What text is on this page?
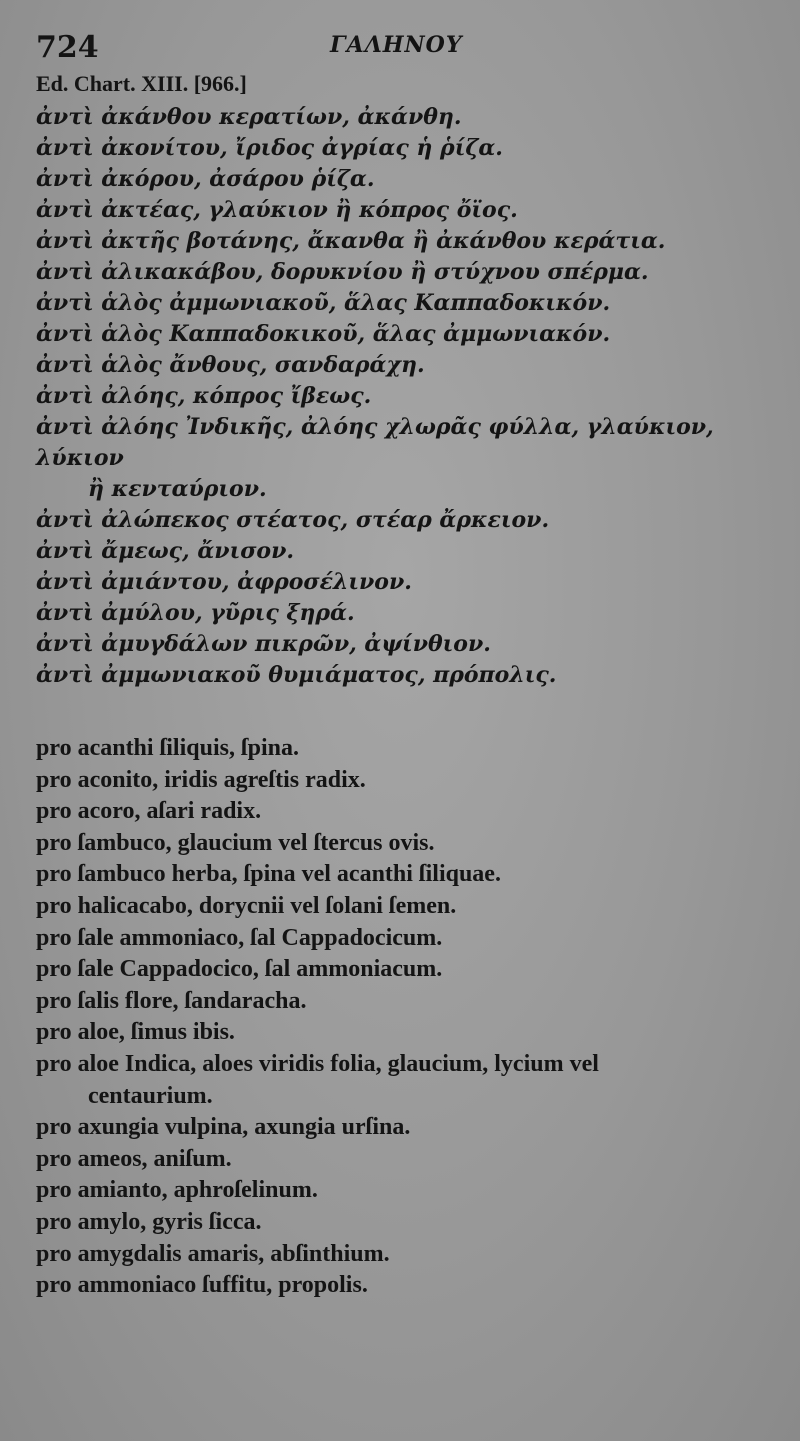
724	ΓΑΛΗΝΟΥ
Ed. Chart. XIII. [966.]
ἀντὶ ἀκάνθου κερατίων, ἀκάνθη.
ἀντὶ ἀκονίτου, ἴριδος ἀγρίας ἡ ῥίζα.
ἀντὶ ἀκόρου, ἀσάρου ῥίζα.
ἀντὶ ἀκτέας, γλαύκιον ἢ κόπρος ὄϊος.
ἀντὶ ἀκτῆς βοτάνης, ἄκανθα ἢ ἀκάνθου κεράτια.
ἀντὶ ἀλικακάβου, δορυκνίου ἢ στύχνου σπέρμα.
ἀντὶ ἁλὸς ἀμμωνιακοῦ, ἅλας Καππαδοκικόν.
ἀντὶ ἁλὸς Καππαδοκικοῦ, ἅλας ἀμμωνιακόν.
ἀντὶ ἁλὸς ἄνθους, σανδαράχη.
ἀντὶ ἀλόης, κόπρος ἴβεως.
ἀντὶ ἀλόης Ἰνδικῆς, ἀλόης χλωρᾶς φύλλα, γλαύκιον, λύκιον
ἢ κενταύριον.
ἀντὶ ἀλώπεκος στέατος, στέαρ ἄρκειον.
ἀντὶ ἄμεως, ἄνισον.
ἀντὶ ἀμιάντου, ἀφροσέλινον.
ἀντὶ ἀμύλου, γῦρις ξηρά.
ἀντὶ ἀμυγδάλων πικρῶν, ἀψίνθιον.
ἀντὶ ἀμμωνιακοῦ θυμιάματος, πρόπολις.
pro acanthi ſiliquis, ſpina.
pro aconito, iridis agreſtis radix.
pro acoro, aſari radix.
pro ſambuco, glaucium vel ſtercus ovis.
pro ſambuco herba, ſpina vel acanthi ſiliquae.
pro halicacabo, dorycnii vel ſolani ſemen.
pro ſale ammoniaco, ſal Cappadocicum.
pro ſale Cappadocico, ſal ammoniacum.
pro ſalis flore, ſandaracha.
pro aloe, ſimus ibis.
pro aloe Indica, aloes viridis folia, glaucium, lycium vel
centaurium.
pro axungia vulpina, axungia urſina.
pro ameos, aniſum.
pro amianto, aphroſelinum.
pro amylo, gyris ſicca.
pro amygdalis amaris, abſinthium.
pro ammoniaco ſuffitu, propolis.
